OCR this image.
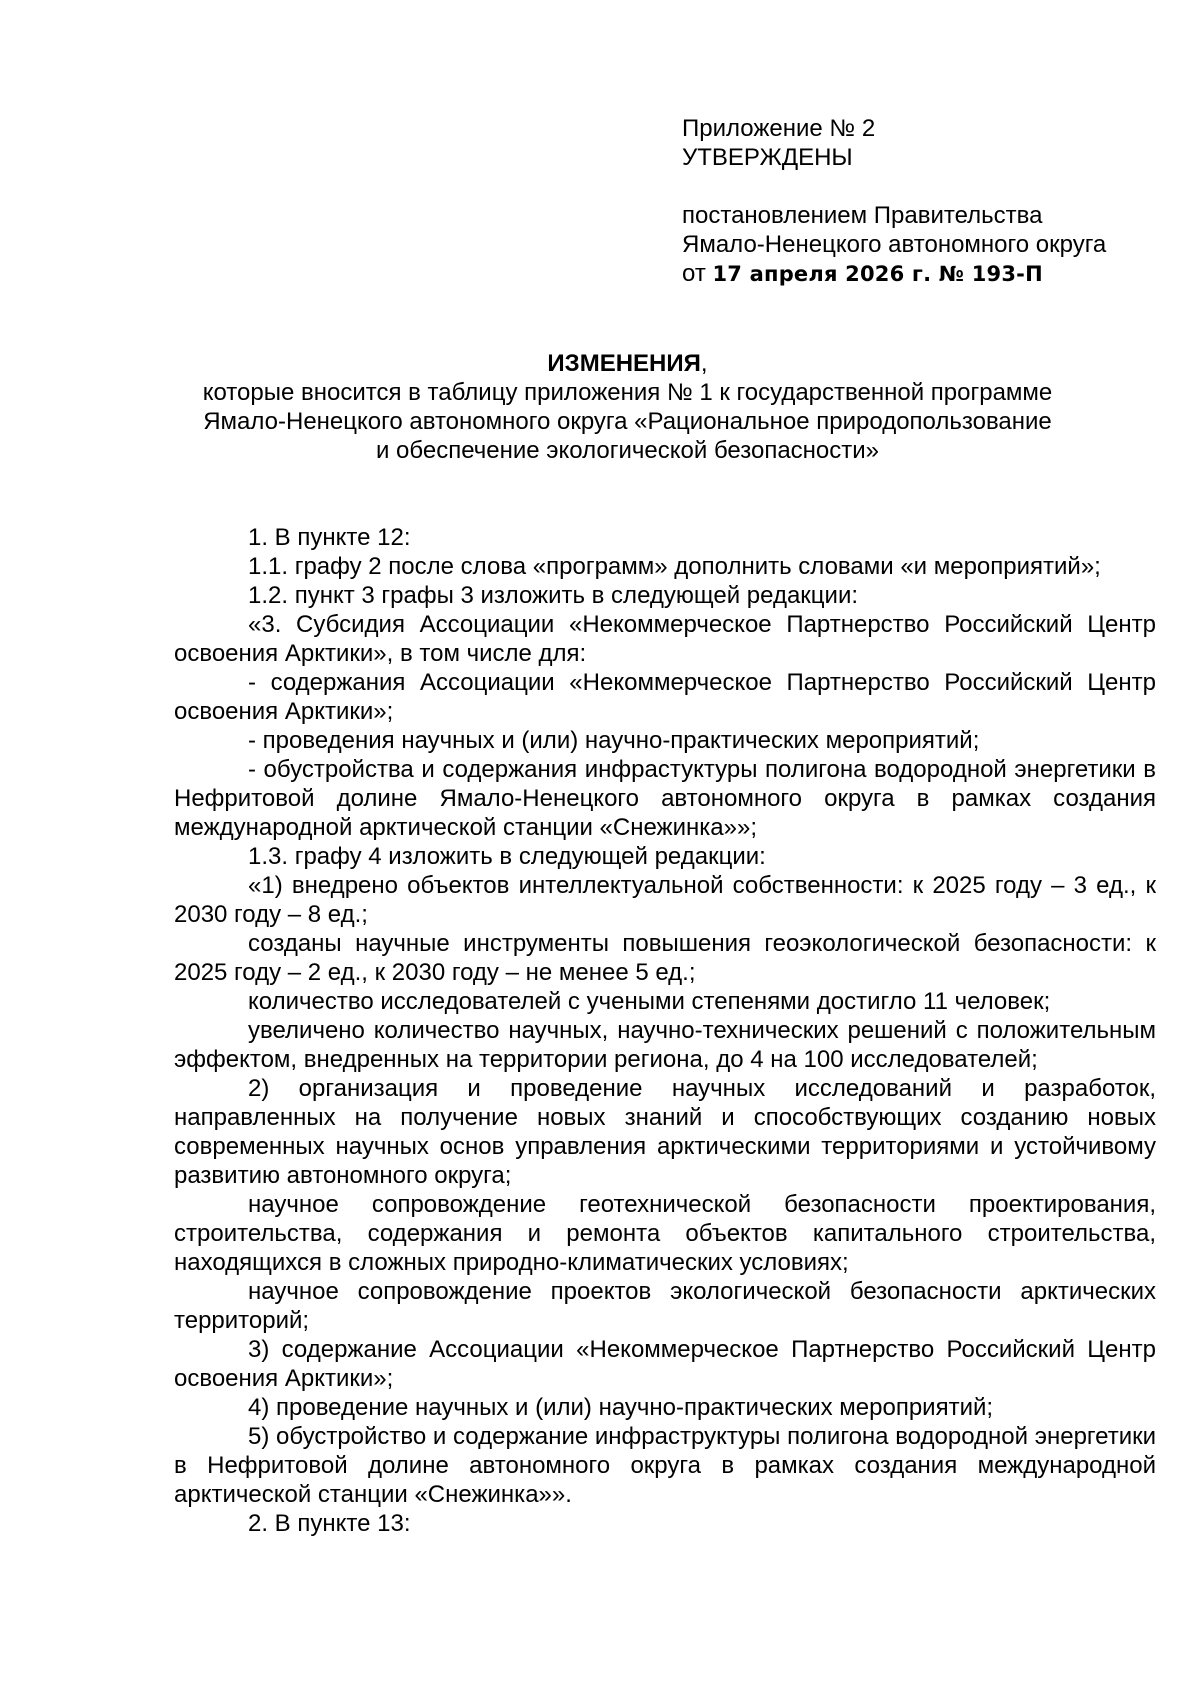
Приложение № 2
УТВЕРЖДЕНЫ
постановлением Правительства
Ямало-Ненецкого автономного округа
от 17 апреля 2026 г. № 193-П
ИЗМЕНЕНИЯ,
которые вносится в таблицу приложения № 1 к государственной программе
Ямало-Ненецкого автономного округа «Рациональное природопользование
и обеспечение экологической безопасности»

1. В пункте 12:

1.1. графу 2 после слова «программ» дополнить словами «и мероприятий»;

1.2. пункт 3 графы 3 изложить в следующей редакции:

«3. Субсидия Ассоциации «Некоммерческое Партнерство Российский Центр освоения Арктики», в том числе для:

- содержания Ассоциации «Некоммерческое Партнерство Российский Центр освоения Арктики»;

- проведения научных и (или) научно-практических мероприятий;

- обустройства и содержания инфрастуктуры полигона водородной энергетики в Нефритовой долине Ямало-Ненецкого автономного округа в рамках создания международной арктической станции «Снежинка»»;

1.3. графу 4 изложить в следующей редакции:

«1) внедрено объектов интеллектуальной собственности: к 2025 году – 3 ед., к 2030 году – 8 ед.;

созданы научные инструменты повышения геоэкологической безопасности: к 2025 году – 2 ед., к 2030 году – не менее 5 ед.;

количество исследователей с учеными степенями достигло 11 человек;

увеличено количество научных, научно-технических решений с положительным эффектом, внедренных на территории региона, до 4 на 100 исследователей;

2) организация и проведение научных исследований и разработок, направленных на получение новых знаний и способствующих созданию новых современных научных основ управления арктическими территориями и устойчивому развитию автономного округа;

научное сопровождение геотехнической безопасности проектирования, строительства, содержания и ремонта объектов капитального строительства, находящихся в сложных природно-климатических условиях;

научное сопровождение проектов экологической безопасности арктических территорий;

3) содержание Ассоциации «Некоммерческое Партнерство Российский Центр освоения Арктики»;

4) проведение научных и (или) научно-практических мероприятий;

5) обустройство и содержание инфраструктуры полигона водородной энергетики в Нефритовой долине автономного округа в рамках создания международной арктической станции «Снежинка»».

2. В пункте 13:
